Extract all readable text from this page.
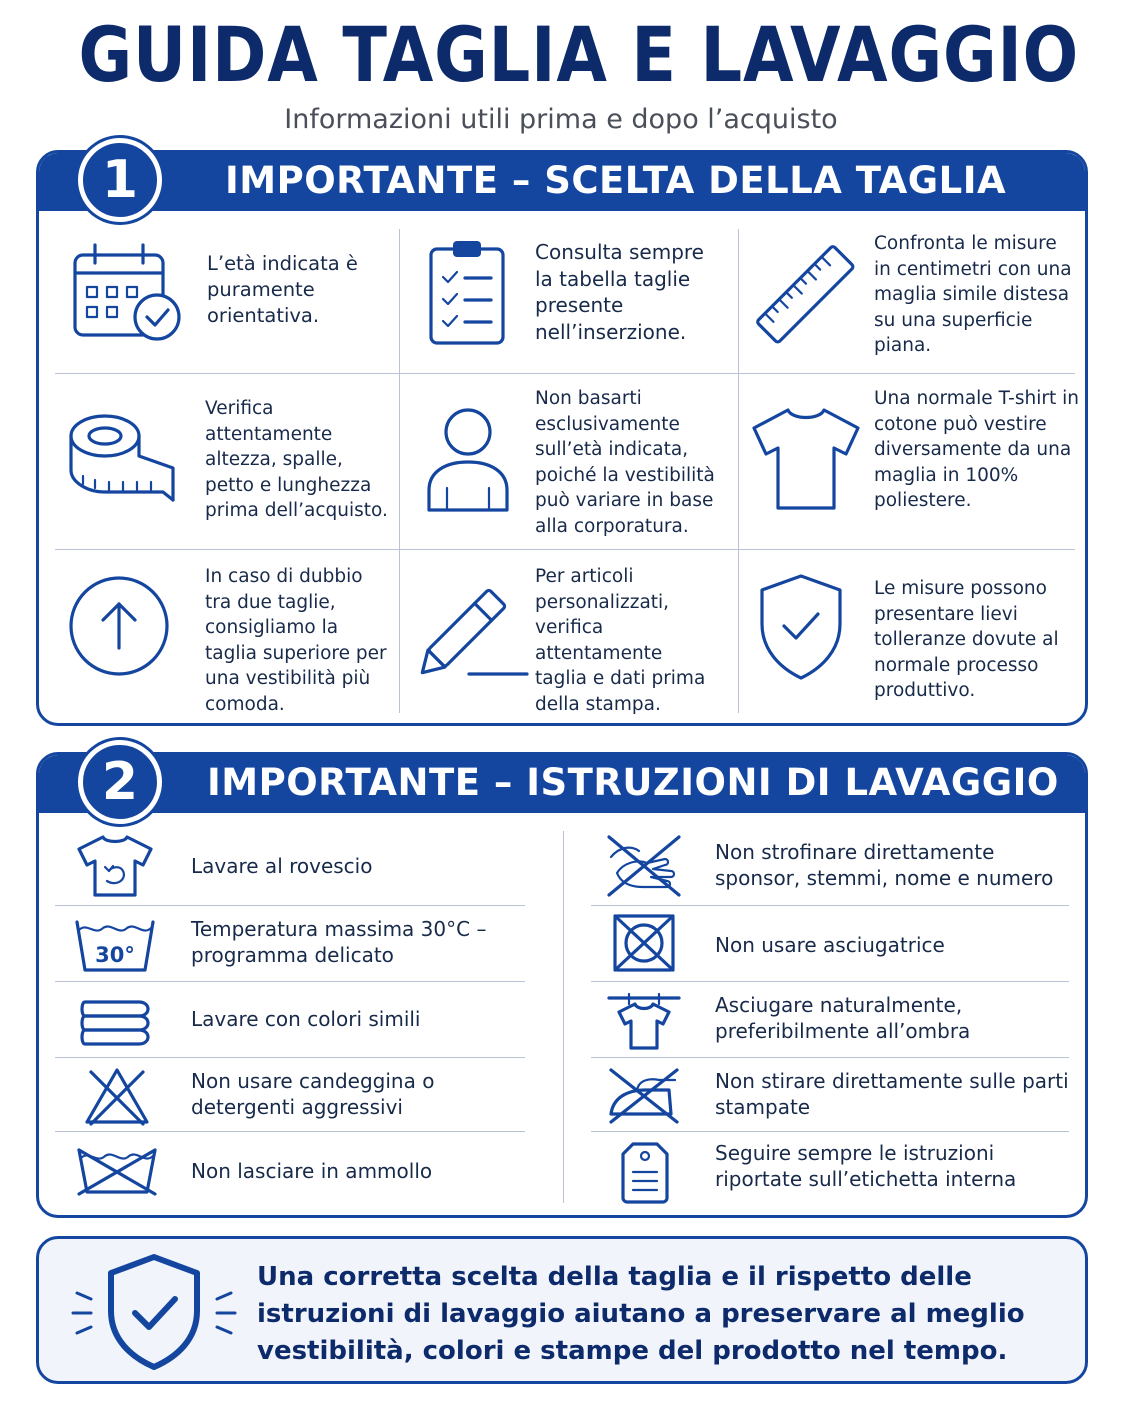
GUIDA TAGLIA E LAVAGGIO
Informazioni utili prima e dopo l’acquisto
IMPORTANTE – SCELTA DELLA TAGLIA
L’età indicata è puramente orientativa.
Consulta sempre la tabella taglie presente nell’inserzione.
Confronta le misure in centimetri con una maglia simile distesa su una superficie piana.
Verifica attentamente altezza, spalle, petto e lunghezza prima dell’acquisto.
Non basarti esclusivamente sull’età indicata, poiché la vestibilità può variare in base alla corporatura.
Una normale T-shirt in cotone può vestire diversamente da una maglia in 100% poliestere.
In caso di dubbio tra due taglie, consigliamo la taglia superiore per una vestibilità più comoda.
Per articoli personalizzati, verifica attentamente taglia e dati prima della stampa.
Le misure possono presentare lievi tolleranze dovute al normale processo produttivo.
1
IMPORTANTE – ISTRUZIONI DI LAVAGGIO
Lavare al rovescio
30°
Temperatura massima 30°C – programma delicato
Lavare con colori simili
Non usare candeggina o detergenti aggressivi
Non lasciare in ammollo
Non strofinare direttamente sponsor, stemmi, nome e numero
Non usare asciugatrice
Asciugare naturalmente, preferibilmente all’ombra
Non stirare direttamente sulle parti stampate
Seguire sempre le istruzioni riportate sull’etichetta interna
2
Una corretta scelta della taglia e il rispetto delle istruzioni di lavaggio aiutano a preservare al meglio vestibilità, colori e stampe del prodotto nel tempo.
